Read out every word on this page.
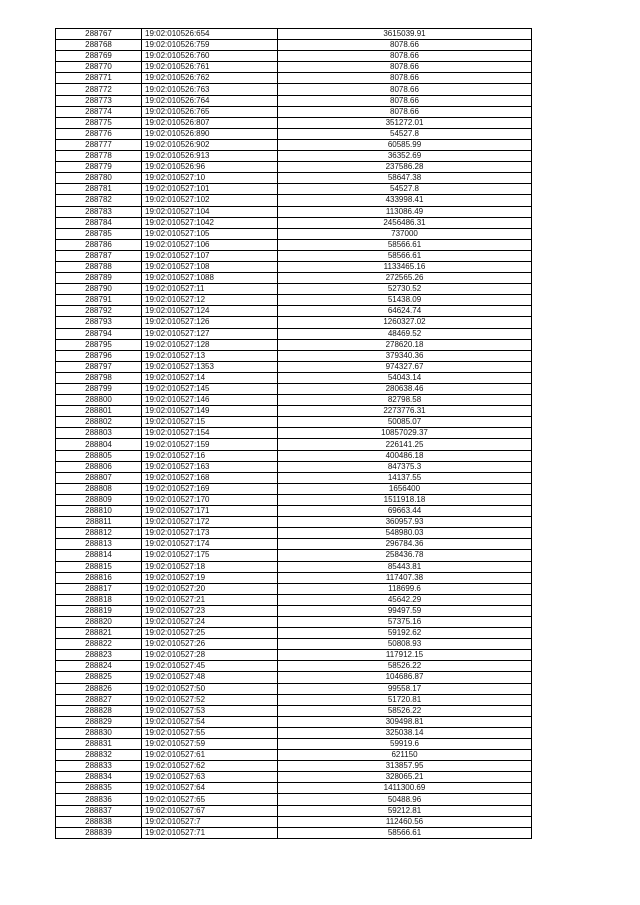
288767	19:02:010526:654	3615039.91
288768	19:02:010526:759	8078.66
288769	19:02:010526:760	8078.66
288770	19:02:010526:761	8078.66
288771	19:02:010526:762	8078.66
288772	19:02:010526:763	8078.66
288773	19:02:010526:764	8078.66
288774	19:02:010526:765	8078.66
288775	19:02:010526:807	351272.01
288776	19:02:010526:890	54527.8
288777	19:02:010526:902	60585.99
288778	19:02:010526:913	36352.69
288779	19:02:010526:96	237586.28
288780	19:02:010527:10	58647.38
288781	19:02:010527:101	54527.8
288782	19:02:010527:102	433998.41
288783	19:02:010527:104	113086.49
288784	19:02:010527:1042	2456486.31
288785	19:02:010527:105	737000
288786	19:02:010527:106	58566.61
288787	19:02:010527:107	58566.61
288788	19:02:010527:108	1133465.16
288789	19:02:010527:1088	272565.26
288790	19:02:010527:11	52730.52
288791	19:02:010527:12	51438.09
288792	19:02:010527:124	64624.74
288793	19:02:010527:126	1260327.02
288794	19:02:010527:127	48469.52
288795	19:02:010527:128	278620.18
288796	19:02:010527:13	379340.36
288797	19:02:010527:1353	974327.67
288798	19:02:010527:14	54043.14
288799	19:02:010527:145	280638.46
288800	19:02:010527:146	82798.58
288801	19:02:010527:149	2273776.31
288802	19:02:010527:15	50085.07
288803	19:02:010527:154	10857029.37
288804	19:02:010527:159	226141.25
288805	19:02:010527:16	400486.18
288806	19:02:010527:163	847375.3
288807	19:02:010527:168	14137.55
288808	19:02:010527:169	1656400
288809	19:02:010527:170	1511918.18
288810	19:02:010527:171	69663.44
288811	19:02:010527:172	360957.93
288812	19:02:010527:173	548980.03
288813	19:02:010527:174	296784.36
288814	19:02:010527:175	258436.78
288815	19:02:010527:18	85443.81
288816	19:02:010527:19	117407.38
288817	19:02:010527:20	118699.6
288818	19:02:010527:21	45642.29
288819	19:02:010527:23	99497.59
288820	19:02:010527:24	57375.16
288821	19:02:010527:25	59192.62
288822	19:02:010527:26	50808.93
288823	19:02:010527:28	117912.15
288824	19:02:010527:45	58526.22
288825	19:02:010527:48	104686.87
288826	19:02:010527:50	99558.17
288827	19:02:010527:52	51720.81
288828	19:02:010527:53	58526.22
288829	19:02:010527:54	309498.81
288830	19:02:010527:55	325038.14
288831	19:02:010527:59	59919.6
288832	19:02:010527:61	621150
288833	19:02:010527:62	313857.95
288834	19:02:010527:63	328065.21
288835	19:02:010527:64	1411300.69
288836	19:02:010527:65	50488.96
288837	19:02:010527:67	59212.81
288838	19:02:010527:7	112460.56
288839	19:02:010527:71	58566.61
